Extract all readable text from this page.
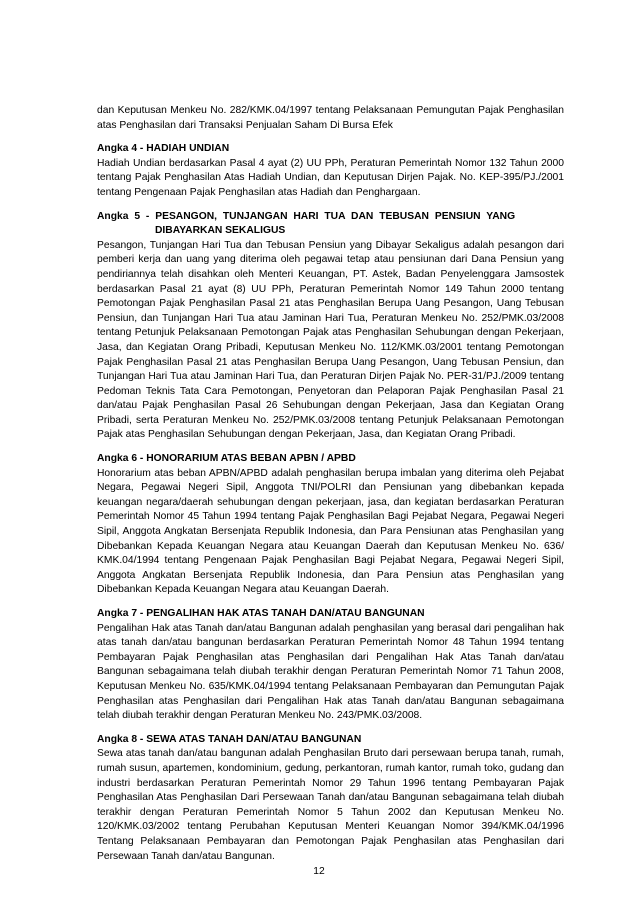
dan Keputusan Menkeu No. 282/KMK.04/1997 tentang Pelaksanaan Pemungutan Pajak Penghasilan atas Penghasilan dari Transaksi Penjualan Saham Di Bursa Efek

Angka 4 - HADIAH UNDIAN

Hadiah Undian berdasarkan Pasal 4 ayat (2) UU PPh, Peraturan Pemerintah Nomor 132 Tahun 2000 tentang Pajak Penghasilan Atas Hadiah Undian, dan Keputusan Dirjen Pajak. No. KEP-395/PJ./2001 tentang Pengenaan Pajak Penghasilan atas Hadiah dan Penghargaan.

Angka 5 - PESANGON, TUNJANGAN HARI TUA DAN TEBUSAN PENSIUN YANG

DIBAYARKAN SEKALIGUS

Pesangon, Tunjangan Hari Tua dan Tebusan Pensiun yang Dibayar Sekaligus adalah pesangon dari pemberi kerja dan uang yang diterima oleh pegawai tetap atau pensiunan dari Dana Pensiun yang pendiriannya telah disahkan oleh Menteri Keuangan, PT. Astek, Badan Penyelenggara Jamsostek berdasarkan Pasal 21 ayat (8) UU PPh, Peraturan Pemerintah Nomor 149 Tahun 2000 tentang Pemotongan Pajak Penghasilan Pasal 21 atas Penghasilan Berupa Uang Pesangon, Uang Tebusan Pensiun, dan Tunjangan Hari Tua atau Jaminan Hari Tua, Peraturan Menkeu No. 252/PMK.03/2008 tentang Petunjuk Pelaksanaan Pemotongan Pajak atas Penghasilan Sehubungan dengan Pekerjaan, Jasa, dan Kegiatan Orang Pribadi, Keputusan Menkeu No. 112/KMK.03/2001 tentang Pemotongan Pajak Penghasilan Pasal 21 atas Penghasilan Berupa Uang Pesangon, Uang Tebusan Pensiun, dan Tunjangan Hari Tua atau Jaminan Hari Tua, dan Peraturan Dirjen Pajak No. PER-31/PJ./2009 tentang Pedoman Teknis Tata Cara Pemotongan, Penyetoran dan Pelaporan Pajak Penghasilan Pasal 21 dan/atau Pajak Penghasilan Pasal 26 Sehubungan dengan Pekerjaan, Jasa dan Kegiatan Orang Pribadi, serta Peraturan Menkeu No. 252/PMK.03/2008 tentang Petunjuk Pelaksanaan Pemotongan Pajak atas Penghasilan Sehubungan dengan Pekerjaan, Jasa, dan Kegiatan Orang Pribadi.

Angka 6 - HONORARIUM ATAS BEBAN APBN / APBD

Honorarium atas beban APBN/APBD adalah penghasilan berupa imbalan yang diterima oleh Pejabat Negara, Pegawai Negeri Sipil, Anggota TNI/POLRI dan Pensiunan yang dibebankan kepada keuangan negara/daerah sehubungan dengan pekerjaan, jasa, dan kegiatan berdasarkan Peraturan Pemerintah Nomor 45 Tahun 1994 tentang Pajak Penghasilan Bagi Pejabat Negara, Pegawai Negeri Sipil, Anggota Angkatan Bersenjata Republik Indonesia, dan Para Pensiunan atas Penghasilan yang Dibebankan Kepada Keuangan Negara atau Keuangan Daerah dan Keputusan Menkeu No. 636/ KMK.04/1994 tentang Pengenaan Pajak Penghasilan Bagi Pejabat Negara, Pegawai Negeri Sipil, Anggota Angkatan Bersenjata Republik Indonesia, dan Para Pensiun atas Penghasilan yang Dibebankan Kepada Keuangan Negara atau Keuangan Daerah.

Angka 7 - PENGALIHAN HAK ATAS TANAH DAN/ATAU BANGUNAN

Pengalihan Hak atas Tanah dan/atau Bangunan adalah penghasilan yang berasal dari pengalihan hak atas tanah dan/atau bangunan berdasarkan Peraturan Pemerintah Nomor 48 Tahun 1994 tentang Pembayaran Pajak Penghasilan atas Penghasilan dari Pengalihan Hak Atas Tanah dan/atau Bangunan sebagaimana telah diubah terakhir dengan Peraturan Pemerintah Nomor 71 Tahun 2008, Keputusan Menkeu No. 635/KMK.04/1994 tentang Pelaksanaan Pembayaran dan Pemungutan Pajak Penghasilan atas Penghasilan dari Pengalihan Hak atas Tanah dan/atau Bangunan sebagaimana telah diubah terakhir dengan Peraturan Menkeu No. 243/PMK.03/2008.

Angka 8 - SEWA ATAS TANAH DAN/ATAU BANGUNAN

Sewa atas tanah dan/atau bangunan adalah Penghasilan Bruto dari persewaan berupa tanah, rumah, rumah susun, apartemen, kondominium, gedung, perkantoran, rumah kantor, rumah toko, gudang dan industri berdasarkan Peraturan Pemerintah Nomor 29 Tahun 1996 tentang Pembayaran Pajak Penghasilan Atas Penghasilan Dari Persewaan Tanah dan/atau Bangunan sebagaimana telah diubah terakhir dengan Peraturan Pemerintah Nomor 5 Tahun 2002 dan Keputusan Menkeu No. 120/KMK.03/2002 tentang Perubahan Keputusan Menteri Keuangan Nomor 394/KMK.04/1996 Tentang Pelaksanaan Pembayaran dan Pemotongan Pajak Penghasilan atas Penghasilan dari Persewaan Tanah dan/atau Bangunan.

12
